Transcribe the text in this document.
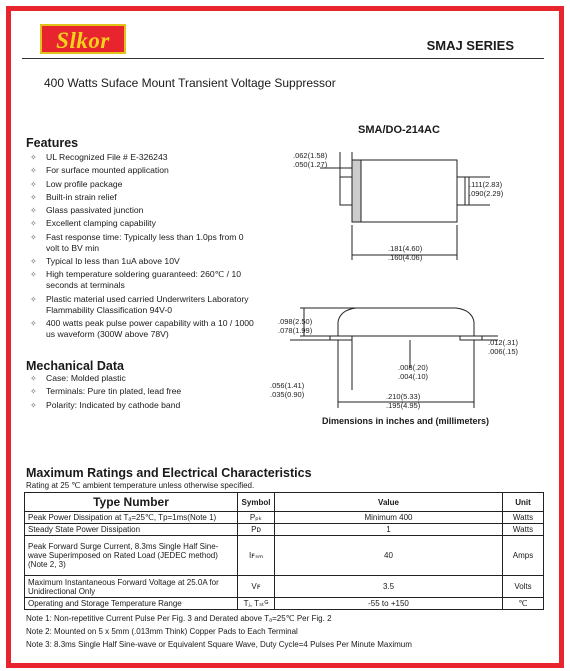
Slkor	SMAJ SERIES
400 Watts Suface Mount Transient Voltage Suppressor
SMA/DO-214AC
Features
✧ UL Recognized File # E-326243
✧ For surface mounted application
✧ Low profile package
✧ Built-in strain relief
✧ Glass passivated junction
✧ Excellent clamping capability
✧ Fast response time: Typically less than 1.0ps from 0 volt to BV min
✧ Typical Iᴅ less than 1uA above 10V
✧ High temperature soldering guaranteed: 260℃ / 10 seconds at terminals
✧ Plastic material used carried Underwriters Laboratory Flammability Classification 94V-0
✧ 400 watts peak pulse power capability with a 10 / 1000 us waveform (300W above 78V)
Mechanical Data
✧ Case: Molded plastic
✧ Terminals: Pure tin plated, lead free
✧ Polarity: Indicated by cathode band
.062(1.58)
.050(1.27)
.111(2.83)
.090(2.29)
.181(4.60)
.160(4.06)
.098(2.50)
.078(1.99)
.012(.31)
.006(.15)
.008(.20)
.004(.10)
.056(1.41)
.035(0.90)	.210(5.33)
.195(4.95)
Dimensions in inches and (millimeters)
Maximum Ratings and Electrical Characteristics
Rating at 25 ℃ ambient temperature unless otherwise specified.
Type Number	Symbol	Value	Unit
Peak Power Dissipation at Tₐ=25℃, Tp=1ms(Note 1)	Pₚₖ	Minimum 400	Watts
Steady State Power Dissipation	Pᴅ	1	Watts
Peak Forward Surge Current, 8.3ms Single Half Sine-wave Superimposed on Rated Load (JEDEC method) (Note 2, 3)	Iꜰₛₘ	40	Amps
Maximum Instantaneous Forward Voltage at 25.0A for Unidirectional Only	Vꜰ	3.5	Volts
Operating and Storage Temperature Range	Tⱼ, Tₛₜᴳ	-55 to +150	℃
Note 1: Non-repetitive Current Pulse Per Fig. 3 and Derated above Tₐ=25℃ Per Fig. 2
Note 2: Mounted on 5 x 5mm (.013mm Think) Copper Pads to Each Terminal
Note 3: 8.3ms Single Half Sine-wave or Equivalent Square Wave, Duty Cycle=4 Pulses Per Minute Maximum
